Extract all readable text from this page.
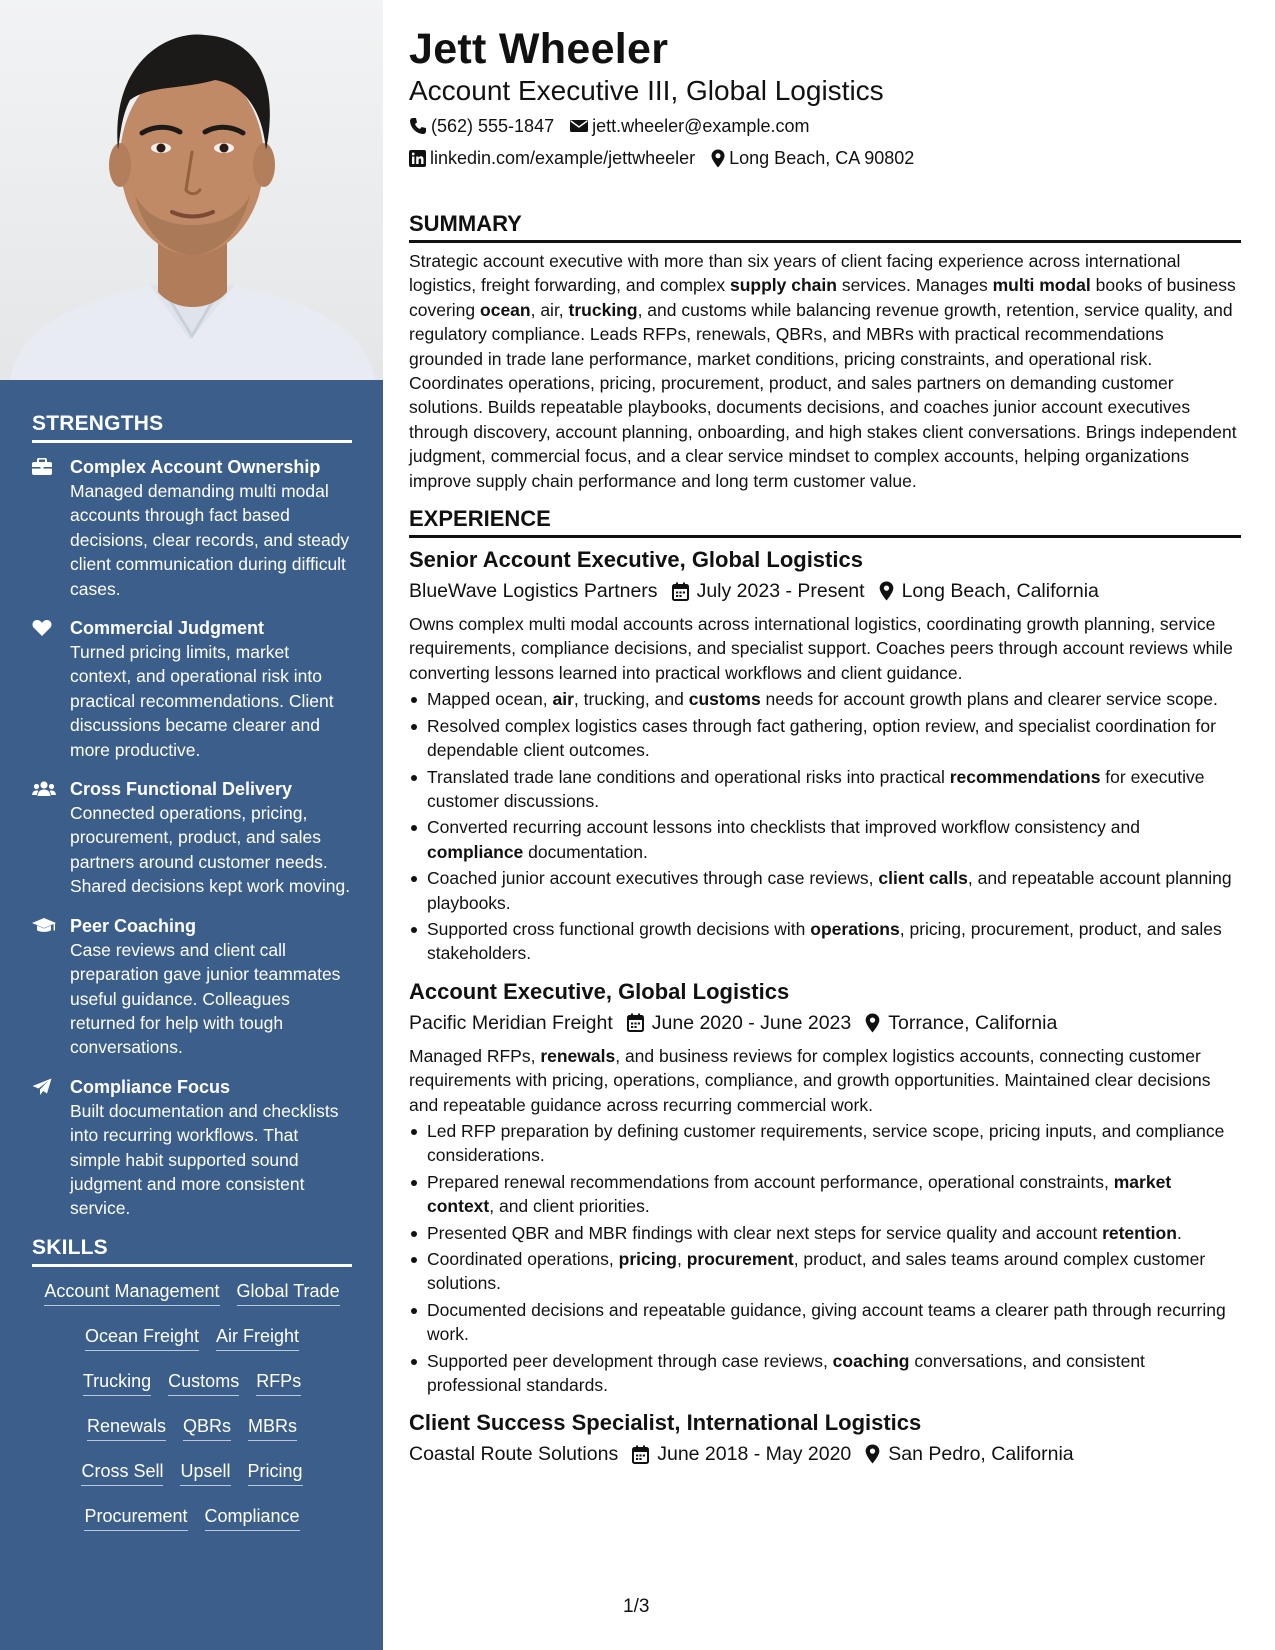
STRENGTHS
Complex Account Ownership
Managed demanding multi modal accounts through fact based decisions, clear records, and steady client communication during difficult cases.
Commercial Judgment
Turned pricing limits, market context, and operational risk into practical recommendations. Client discussions became clearer and more productive.
Cross Functional Delivery
Connected operations, pricing, procurement, product, and sales partners around customer needs. Shared decisions kept work moving.
Peer Coaching
Case reviews and client call preparation gave junior teammates useful guidance. Colleagues returned for help with tough conversations.
Compliance Focus
Built documentation and checklists into recurring workflows. That simple habit supported sound judgment and more consistent service.
SKILLS
Account Management Global Trade
Ocean Freight Air Freight
Trucking Customs RFPs
Renewals QBRs MBRs
Cross Sell Upsell Pricing
Procurement Compliance
Jett Wheeler
Account Executive III, Global Logistics
(562) 555-1847 jett.wheeler@example.com
linkedin.com/example/jettwheeler Long Beach, CA 90802
SUMMARY
Strategic account executive with more than six years of client facing experience across international logistics, freight forwarding, and complex supply chain services. Manages multi modal books of business covering ocean, air, trucking, and customs while balancing revenue growth, retention, service quality, and regulatory compliance. Leads RFPs, renewals, QBRs, and MBRs with practical recommendations grounded in trade lane performance, market conditions, pricing constraints, and operational risk. Coordinates operations, pricing, procurement, product, and sales partners on demanding customer solutions. Builds repeatable playbooks, documents decisions, and coaches junior account executives through discovery, account planning, onboarding, and high stakes client conversations. Brings independent judgment, commercial focus, and a clear service mindset to complex accounts, helping organizations improve supply chain performance and long term customer value.
EXPERIENCE
Senior Account Executive, Global Logistics
BlueWave Logistics Partners July 2023 - Present Long Beach, California
Owns complex multi modal accounts across international logistics, coordinating growth planning, service requirements, compliance decisions, and specialist support. Coaches peers through account reviews while converting lessons learned into practical workflows and client guidance.
Mapped ocean, air, trucking, and customs needs for account growth plans and clearer service scope.
Resolved complex logistics cases through fact gathering, option review, and specialist coordination for dependable client outcomes.
Translated trade lane conditions and operational risks into practical recommendations for executive customer discussions.
Converted recurring account lessons into checklists that improved workflow consistency and compliance documentation.
Coached junior account executives through case reviews, client calls, and repeatable account planning playbooks.
Supported cross functional growth decisions with operations, pricing, procurement, product, and sales stakeholders.
Account Executive, Global Logistics
Pacific Meridian Freight June 2020 - June 2023 Torrance, California
Managed RFPs, renewals, and business reviews for complex logistics accounts, connecting customer requirements with pricing, operations, compliance, and growth opportunities. Maintained clear decisions and repeatable guidance across recurring commercial work.
Led RFP preparation by defining customer requirements, service scope, pricing inputs, and compliance considerations.
Prepared renewal recommendations from account performance, operational constraints, market context, and client priorities.
Presented QBR and MBR findings with clear next steps for service quality and account retention.
Coordinated operations, pricing, procurement, product, and sales teams around complex customer solutions.
Documented decisions and repeatable guidance, giving account teams a clearer path through recurring work.
Supported peer development through case reviews, coaching conversations, and consistent professional standards.
Client Success Specialist, International Logistics
Coastal Route Solutions June 2018 - May 2020 San Pedro, California
1/3
